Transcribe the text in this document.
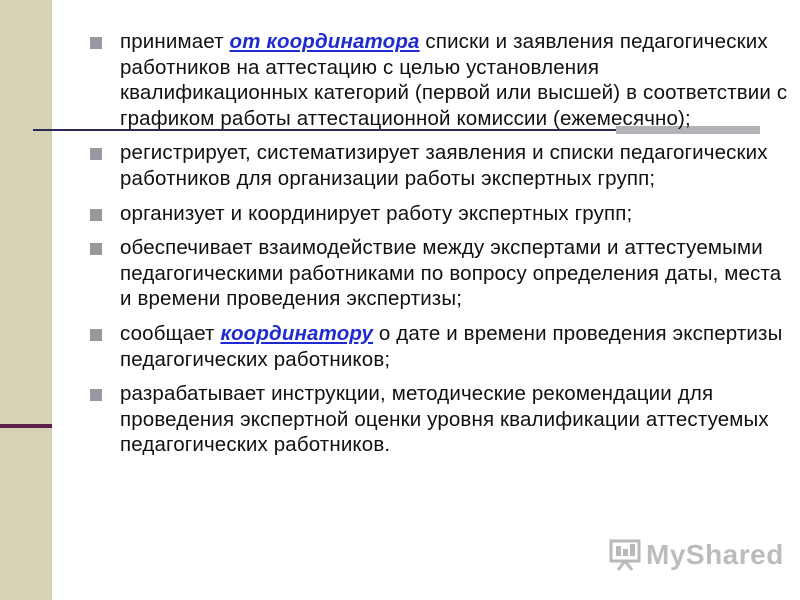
принимает от координатора списки и заявления педагогических работников на аттестацию с целью установления квалификационных категорий (первой или высшей) в соответствии с графиком работы аттестационной комиссии (ежемесячно);
регистрирует, систематизирует заявления и списки педагогических работников для организации работы экспертных групп;
организует и координирует работу экспертных групп;
обеспечивает взаимодействие между экспертами и аттестуемыми педагогическими работниками по вопросу определения даты, места и времени проведения экспертизы;
сообщает координатору о дате и времени проведения экспертизы педагогических работников;
разрабатывает инструкции, методические рекомендации для проведения экспертной оценки уровня квалификации аттестуемых педагогических работников.
MyShared
